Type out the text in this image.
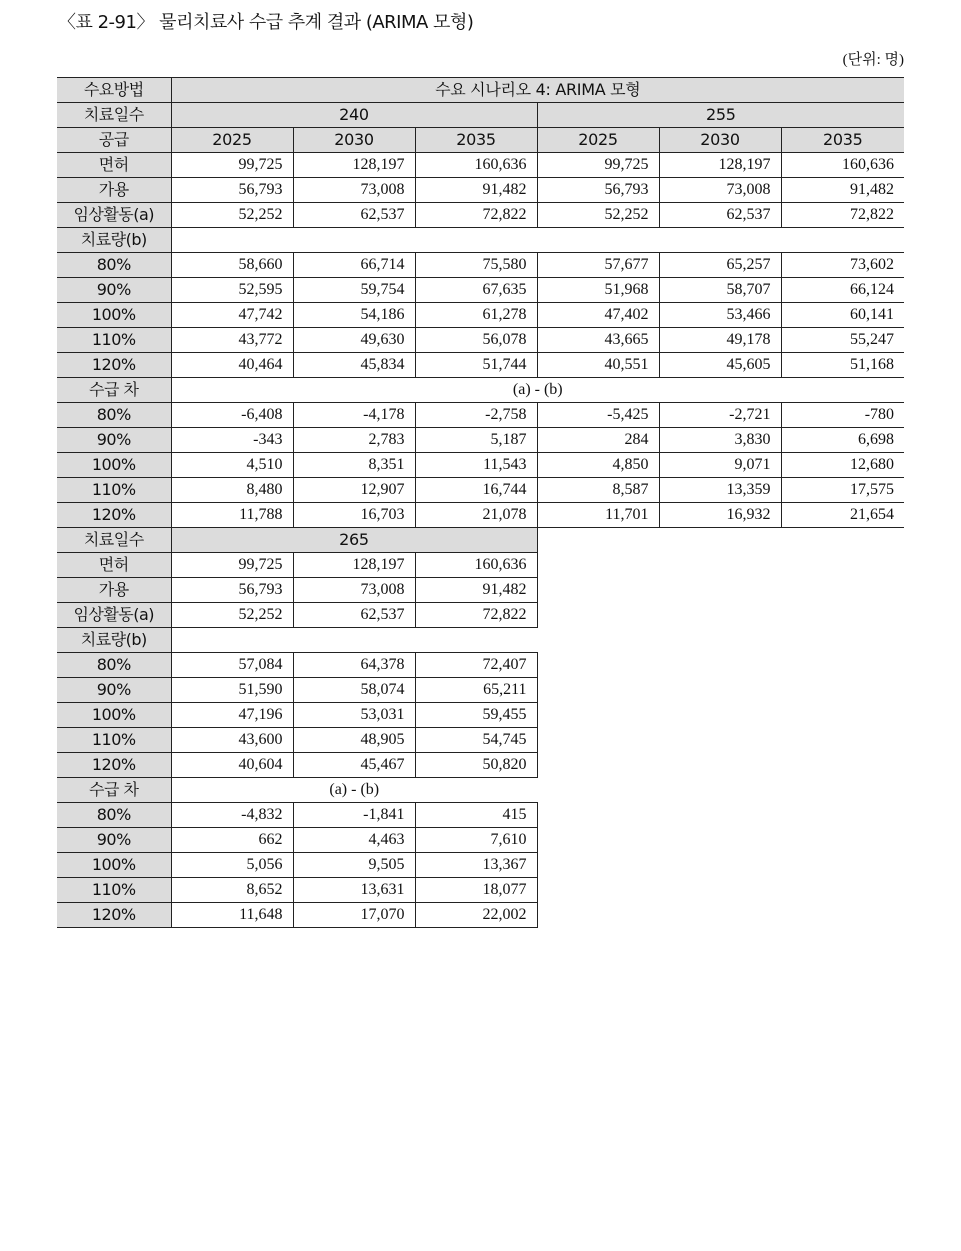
〈표 2-91〉 물리치료사 수급 추계 결과 (ARIMA 모형)
(단위: 명)
수요방법	수요 시나리오 4: ARIMA 모형					
치료일수	240			255		
공급	2025	2030	2035	2025	2030	2035
면허	99,725	128,197	160,636	99,725	128,197	160,636
가용	56,793	73,008	91,482	56,793	73,008	91,482
임상활동(a)	52,252	62,537	72,822	52,252	62,537	72,822
치료량(b)						
80%	58,660	66,714	75,580	57,677	65,257	73,602
90%	52,595	59,754	67,635	51,968	58,707	66,124
100%	47,742	54,186	61,278	47,402	53,466	60,141
110%	43,772	49,630	56,078	43,665	49,178	55,247
120%	40,464	45,834	51,744	40,551	45,605	51,168
수급 차	(a) - (b)					
80%	-6,408	-4,178	-2,758	-5,425	-2,721	-780
90%	-343	2,783	5,187	284	3,830	6,698
100%	4,510	8,351	11,543	4,850	9,071	12,680
110%	8,480	12,907	16,744	8,587	13,359	17,575
120%	11,788	16,703	21,078	11,701	16,932	21,654
치료일수	265					
면허	99,725	128,197	160,636			
가용	56,793	73,008	91,482			
임상활동(a)	52,252	62,537	72,822			
치료량(b)						
80%	57,084	64,378	72,407			
90%	51,590	58,074	65,211			
100%	47,196	53,031	59,455			
110%	43,600	48,905	54,745			
120%	40,604	45,467	50,820			
수급 차	(a) - (b)					
80%	-4,832	-1,841	415			
90%	662	4,463	7,610			
100%	5,056	9,505	13,367			
110%	8,652	13,631	18,077			
120%	11,648	17,070	22,002			
